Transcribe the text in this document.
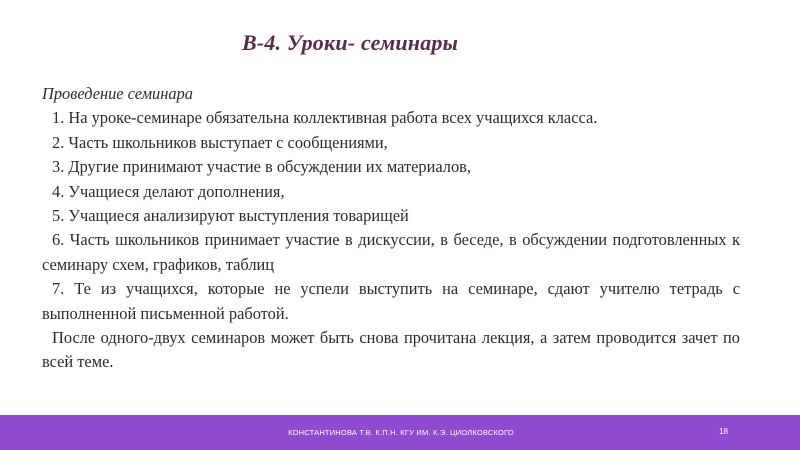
В-4. Уроки- семинары

Проведение семинара

1. На уроке-семинаре обязательна коллективная работа всех учащихся класса.

2. Часть школьников выступает с сообщениями,

3. Другие принимают участие в обсуждении их материалов,

4. Учащиеся делают дополнения,

5. Учащиеся анализируют выступления товарищей

6. Часть школьников принимает участие в дискуссии, в беседе, в обсуждении подготовленных к семинару схем, графиков, таблиц

7. Те из учащихся, которые не успели выступить на семинаре, сдают учителю тетрадь с выполненной письменной работой.

После одного-двух семинаров может быть снова прочитана лекция, а затем проводится зачет по всей теме.

КОНСТАНТИНОВА Т.В. К.П.Н. КГУ ИМ. К.Э. ЦИОЛКОВСКОГО	18
